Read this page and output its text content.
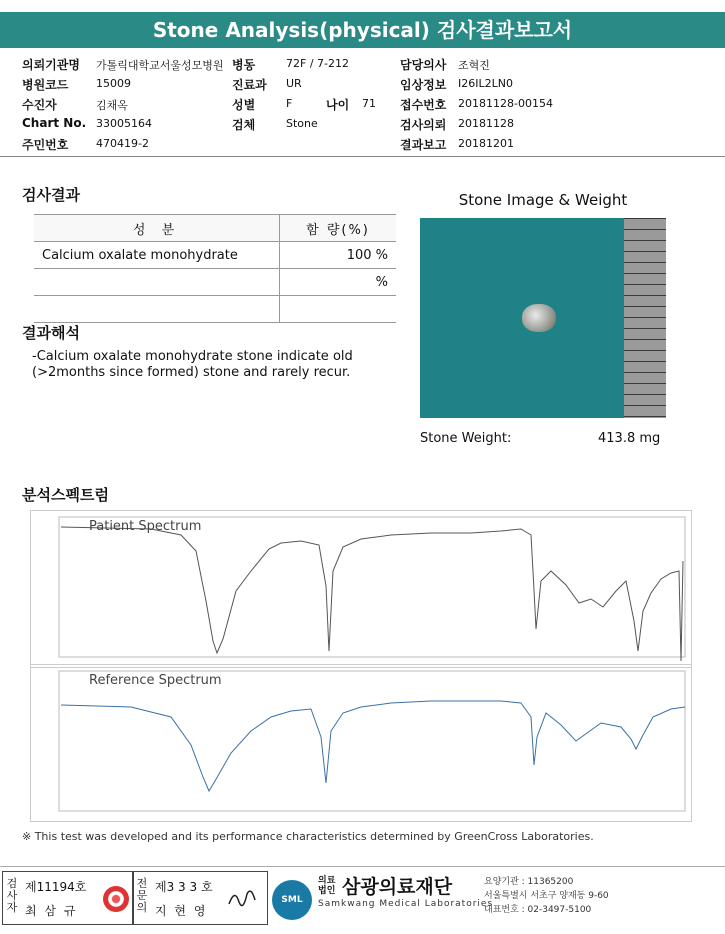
Stone Analysis(physical) 검사결과보고서
의뢰기관명 가톨릭대학교서울성모병원 병동	72F / 7-212	담당의사 조혁진
병원코드	15009	진료과 UR	임상정보 I26IL2LN0
수진자	김채옥	성별	F	나이 71 접수번호 20181128-00154
Chart No. 33005164	검체	Stone	검사의뢰 20181128
주민번호	470419-2	결과보고 20181201
검사결과
성 분	함 량(%)
Calcium oxalate monohydrate	100 %
	%

결과해석
-Calcium oxalate monohydrate stone indicate old (>2months since formed) stone and rarely recur.
Stone Image & Weight
Stone Weight:	413.8 mg
분석스펙트럼
Patient Spectrum
Reference Spectrum
※ This test was developed and its performance characteristics determined by GreenCross Laboratories.
검사자
제11194호
최 삼 규
전문의
제3 3 3 호
지 현 영
SML
의료법인 삼광의료재단
Samkwang Medical Laboratories
요양기관 : 11365200
서울특별시 서초구 양재동 9-60
대표번호 : 02-3497-5100
